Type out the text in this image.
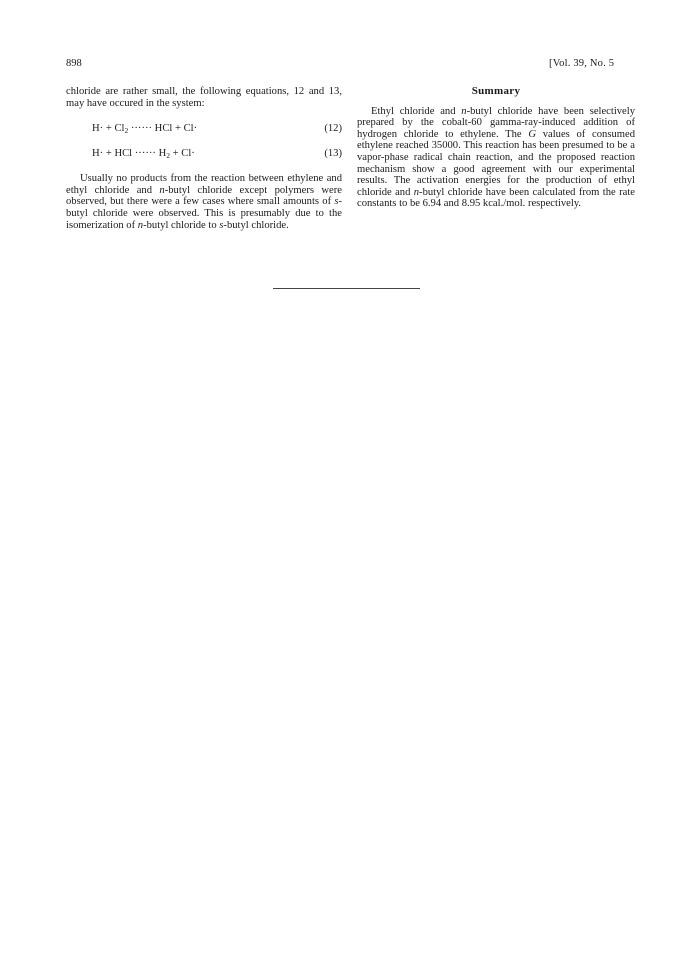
898	[Vol. 39, No. 5

chloride are rather small, the following equations, 12 and 13, may have occured in the system:

$H\cdot + Cl_2$ ······ HCl + Cl·	(12)
H· + HCl ······ $H_2 + Cl\cdot$	(13)

Usually no products from the reaction between ethylene and ethyl chloride and n-butyl chloride except polymers were observed, but there were a few cases where small amounts of s-butyl chloride were observed. This is presumably due to the isomerization of n-butyl chloride to s-butyl chloride.

Summary

Ethyl chloride and n-butyl chloride have been selectively prepared by the cobalt-60 gamma-ray-induced addition of hydrogen chloride to ethylene. The G values of consumed ethylene reached 35000. This reaction has been presumed to be a vapor-phase radical chain reaction, and the proposed reaction mechanism show a good agreement with our experimental results. The activation energies for the production of ethyl chloride and n-butyl chloride have been calculated from the rate constants to be 6.94 and 8.95 kcal./mol. respectively.
